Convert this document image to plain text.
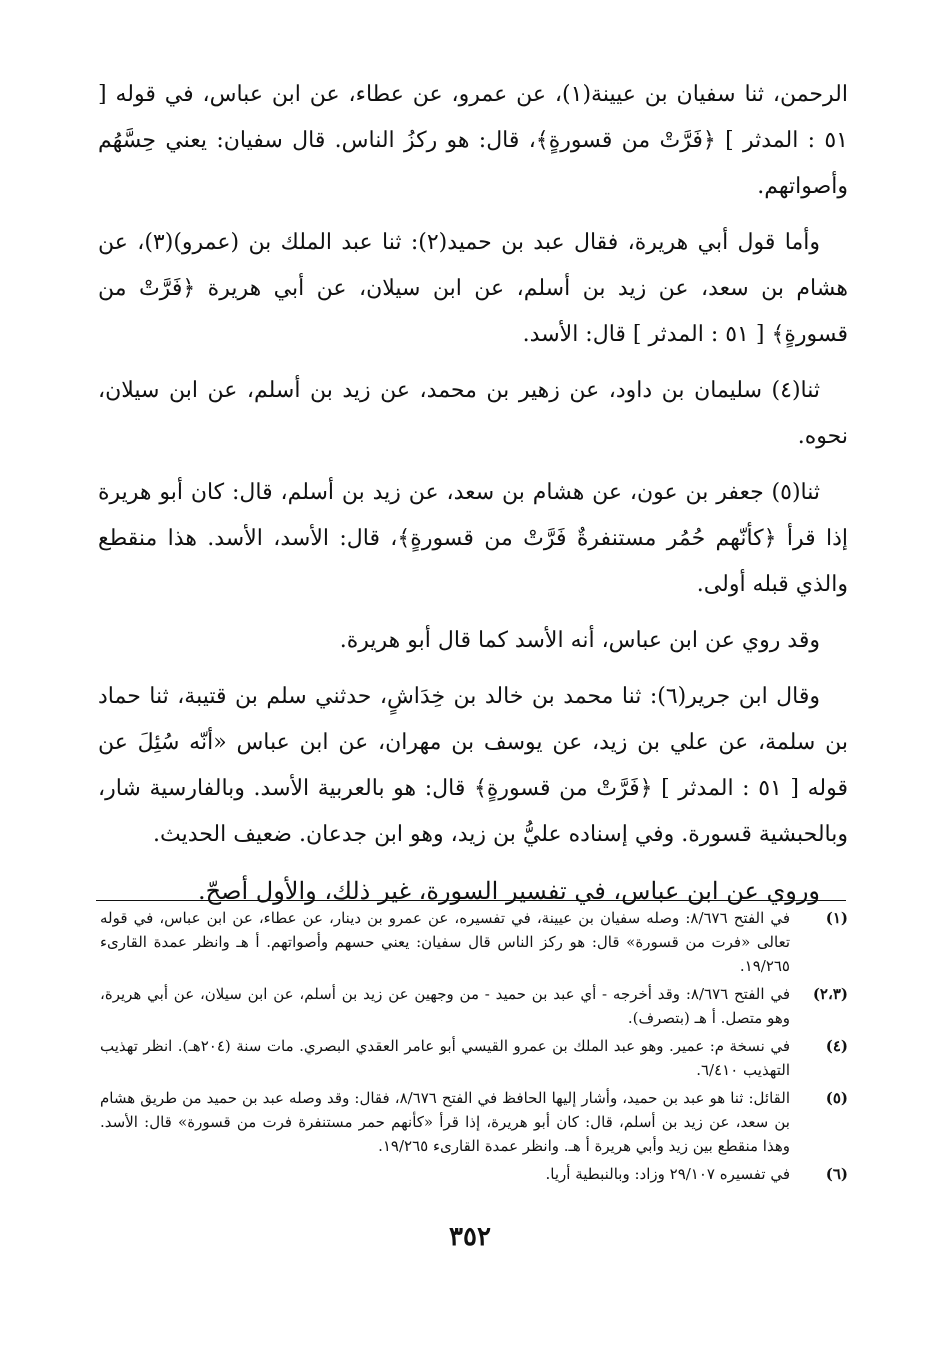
الرحمن، ثنا سفيان بن عيينة(١)، عن عمرو، عن عطاء، عن ابن عباس، في قوله [ ٥١ : المدثر ] ﴿فَرَّتْ من قسورةٍ﴾، قال: هو ركزُ الناس. قال سفيان: يعني حِسَّهُم وأصواتهم.

وأما قول أبي هريرة، فقال عبد بن حميد(٢): ثنا عبد الملك بن (عمرو)(٣)، عن هشام بن سعد، عن زيد بن أسلم، عن ابن سيلان، عن أبي هريرة ﴿فَرَّتْ من قسورةٍ﴾ [ ٥١ : المدثر ] قال: الأسد.

ثنا(٤) سليمان بن داود، عن زهير بن محمد، عن زيد بن أسلم، عن ابن سيلان، نحوه.

ثنا(٥) جعفر بن عون، عن هشام بن سعد، عن زيد بن أسلم، قال: كان أبو هريرة إذا قرأ ﴿كأنّهم حُمُر مستنفرةٌ فَرَّتْ من قسورةٍ﴾، قال: الأسد، الأسد. هذا منقطع والذي قبله أولى.

وقد روي عن ابن عباس، أنه الأسد كما قال أبو هريرة.

وقال ابن جرير(٦): ثنا محمد بن خالد بن خِدَاشٍ، حدثني سلم بن قتيبة، ثنا حماد بن سلمة، عن علي بن زيد، عن يوسف بن مهران، عن ابن عباس «أنّه سُئِلَ عن قوله [ ٥١ : المدثر ] ﴿فَرَّتْ من قسورةٍ﴾ قال: هو بالعربية الأسد. وبالفارسية شار، وبالحبشية قسورة. وفي إسناده عليُّ بن زيد، وهو ابن جدعان. ضعيف الحديث.

وروي عن ابن عباس، في تفسير السورة، غير ذلك، والأول أصحّ.

(١)
في الفتح ٨/٦٧٦: وصله سفيان بن عيينة، في تفسيره، عن عمرو بن دينار، عن عطاء، عن ابن عباس، في قوله تعالى «فرت من قسورة» قال: هو ركز الناس قال سفيان: يعني حسهم وأصواتهم. أ هـ وانظر عمدة القارىء ١٩/٢٦٥.
(٢،٣)
في الفتح ٨/٦٧٦: وقد أخرجه - أي عبد بن حميد - من وجهين عن زيد بن أسلم، عن ابن سيلان، عن أبي هريرة، وهو متصل. أ هـ (بتصرف).
(٤)
في نسخة م: عمير. وهو عبد الملك بن عمرو القيسي أبو عامر العقدي البصري. مات سنة (٢٠٤هـ). انظر تهذيب التهذيب ٦/٤١٠.
(٥)
القائل: ثنا هو عبد بن حميد، وأشار إليها الحافظ في الفتح ٨/٦٧٦، فقال: وقد وصله عبد بن حميد من طريق هشام بن سعد، عن زيد بن أسلم، قال: كان أبو هريرة، إذا قرأ «كأنهم حمر مستنفرة فرت من قسورة» قال: الأسد. وهذا منقطع بين زيد وأبي هريرة أ هـ. وانظر عمدة القارىء ١٩/٢٦٥.
(٦)
في تفسيره ٢٩/١٠٧ وزاد: وبالنبطية أريا.
٣٥٢
